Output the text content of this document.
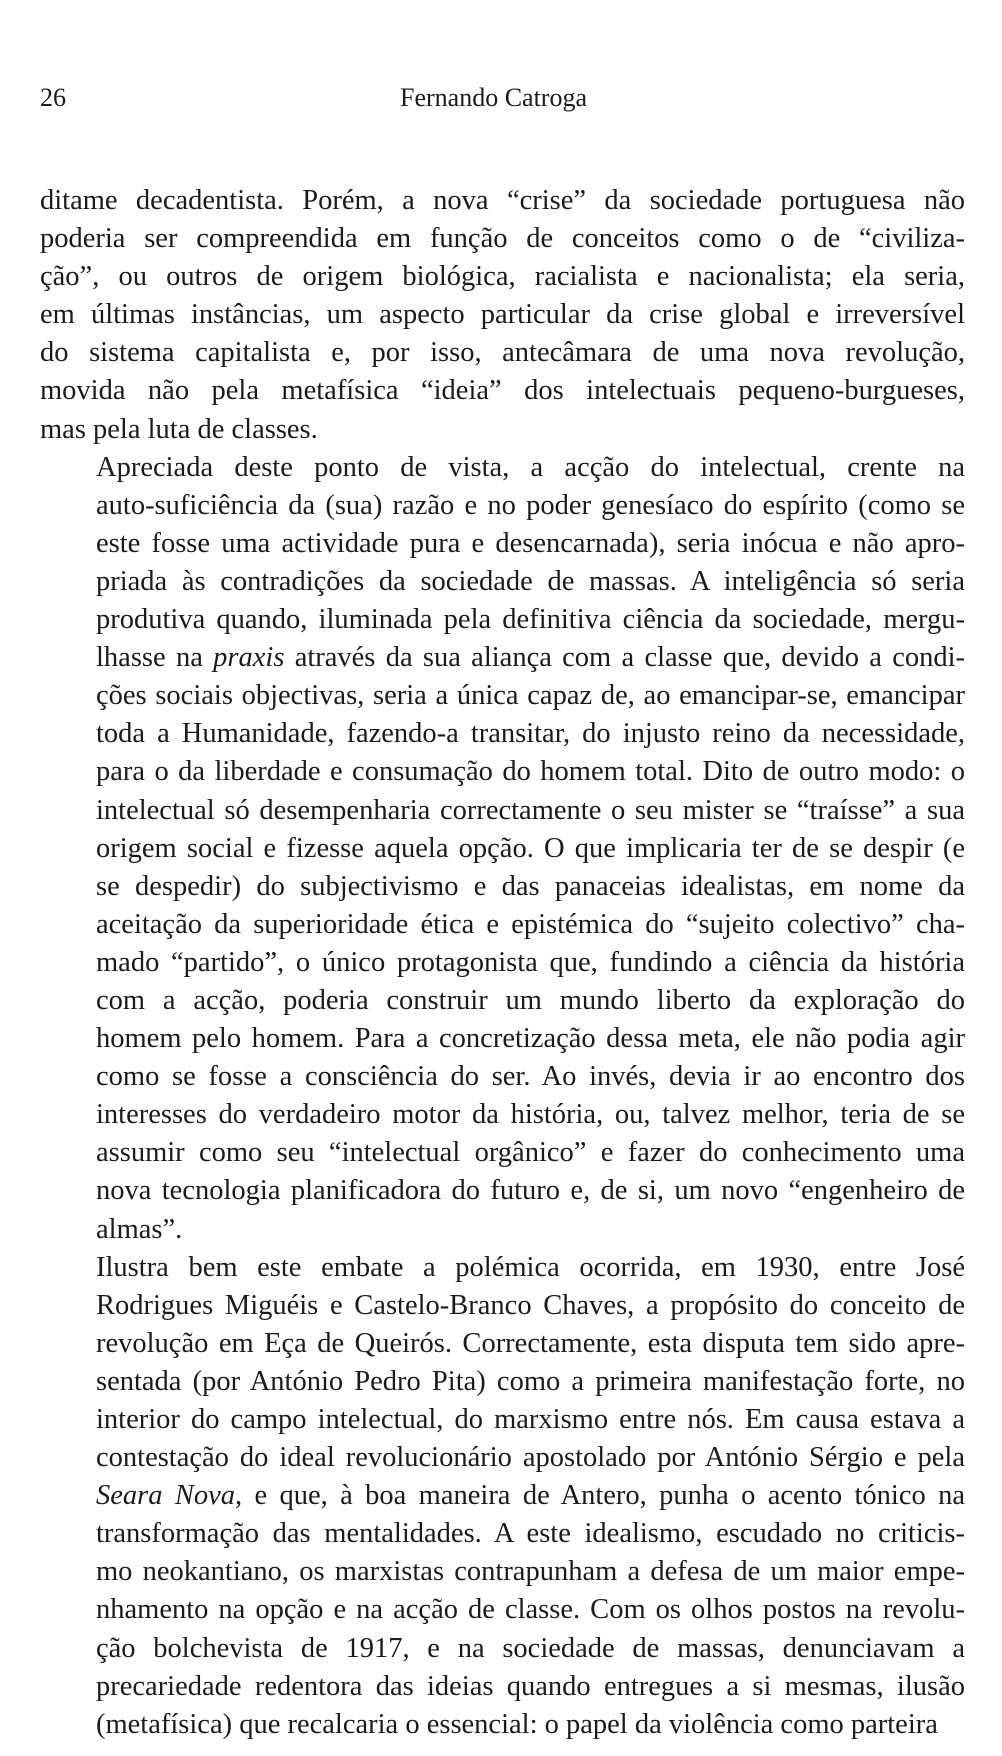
26	Fernando Catroga
ditame decadentista. Porém, a nova “crise” da sociedade portuguesa não
poderia ser compreendida em função de conceitos como o de “civiliza-
ção”, ou outros de origem biológica, racialista e nacionalista; ela seria,
em últimas instâncias, um aspecto particular da crise global e irreversível
do sistema capitalista e, por isso, antecâmara de uma nova revolução,
movida não pela metafísica “ideia” dos intelectuais pequeno-burgueses,
mas pela luta de classes.
Apreciada deste ponto de vista, a acção do intelectual, crente na
auto-suficiência da (sua) razão e no poder genesíaco do espírito (como se
este fosse uma actividade pura e desencarnada), seria inócua e não apro-
priada às contradições da sociedade de massas. A inteligência só seria
produtiva quando, iluminada pela definitiva ciência da sociedade, mergu-
lhasse na praxis através da sua aliança com a classe que, devido a condi-
ções sociais objectivas, seria a única capaz de, ao emancipar-se, emancipar
toda a Humanidade, fazendo-a transitar, do injusto reino da necessidade,
para o da liberdade e consumação do homem total. Dito de outro modo: o
intelectual só desempenharia correctamente o seu mister se “traísse” a sua
origem social e fizesse aquela opção. O que implicaria ter de se despir (e
se despedir) do subjectivismo e das panaceias idealistas, em nome da
aceitação da superioridade ética e epistémica do “sujeito colectivo” cha-
mado “partido”, o único protagonista que, fundindo a ciência da história
com a acção, poderia construir um mundo liberto da exploração do
homem pelo homem. Para a concretização dessa meta, ele não podia agir
como se fosse a consciência do ser. Ao invés, devia ir ao encontro dos
interesses do verdadeiro motor da história, ou, talvez melhor, teria de se
assumir como seu “intelectual orgânico” e fazer do conhecimento uma
nova tecnologia planificadora do futuro e, de si, um novo “engenheiro de
almas”.
Ilustra bem este embate a polémica ocorrida, em 1930, entre José
Rodrigues Miguéis e Castelo-Branco Chaves, a propósito do conceito de
revolução em Eça de Queirós. Correctamente, esta disputa tem sido apre-
sentada (por António Pedro Pita) como a primeira manifestação forte, no
interior do campo intelectual, do marxismo entre nós. Em causa estava a
contestação do ideal revolucionário apostolado por António Sérgio e pela
Seara Nova, e que, à boa maneira de Antero, punha o acento tónico na
transformação das mentalidades. A este idealismo, escudado no criticis-
mo neokantiano, os marxistas contrapunham a defesa de um maior empe-
nhamento na opção e na acção de classe. Com os olhos postos na revolu-
ção bolchevista de 1917, e na sociedade de massas, denunciavam a
precariedade redentora das ideias quando entregues a si mesmas, ilusão
(metafísica) que recalcaria o essencial: o papel da violência como parteira
